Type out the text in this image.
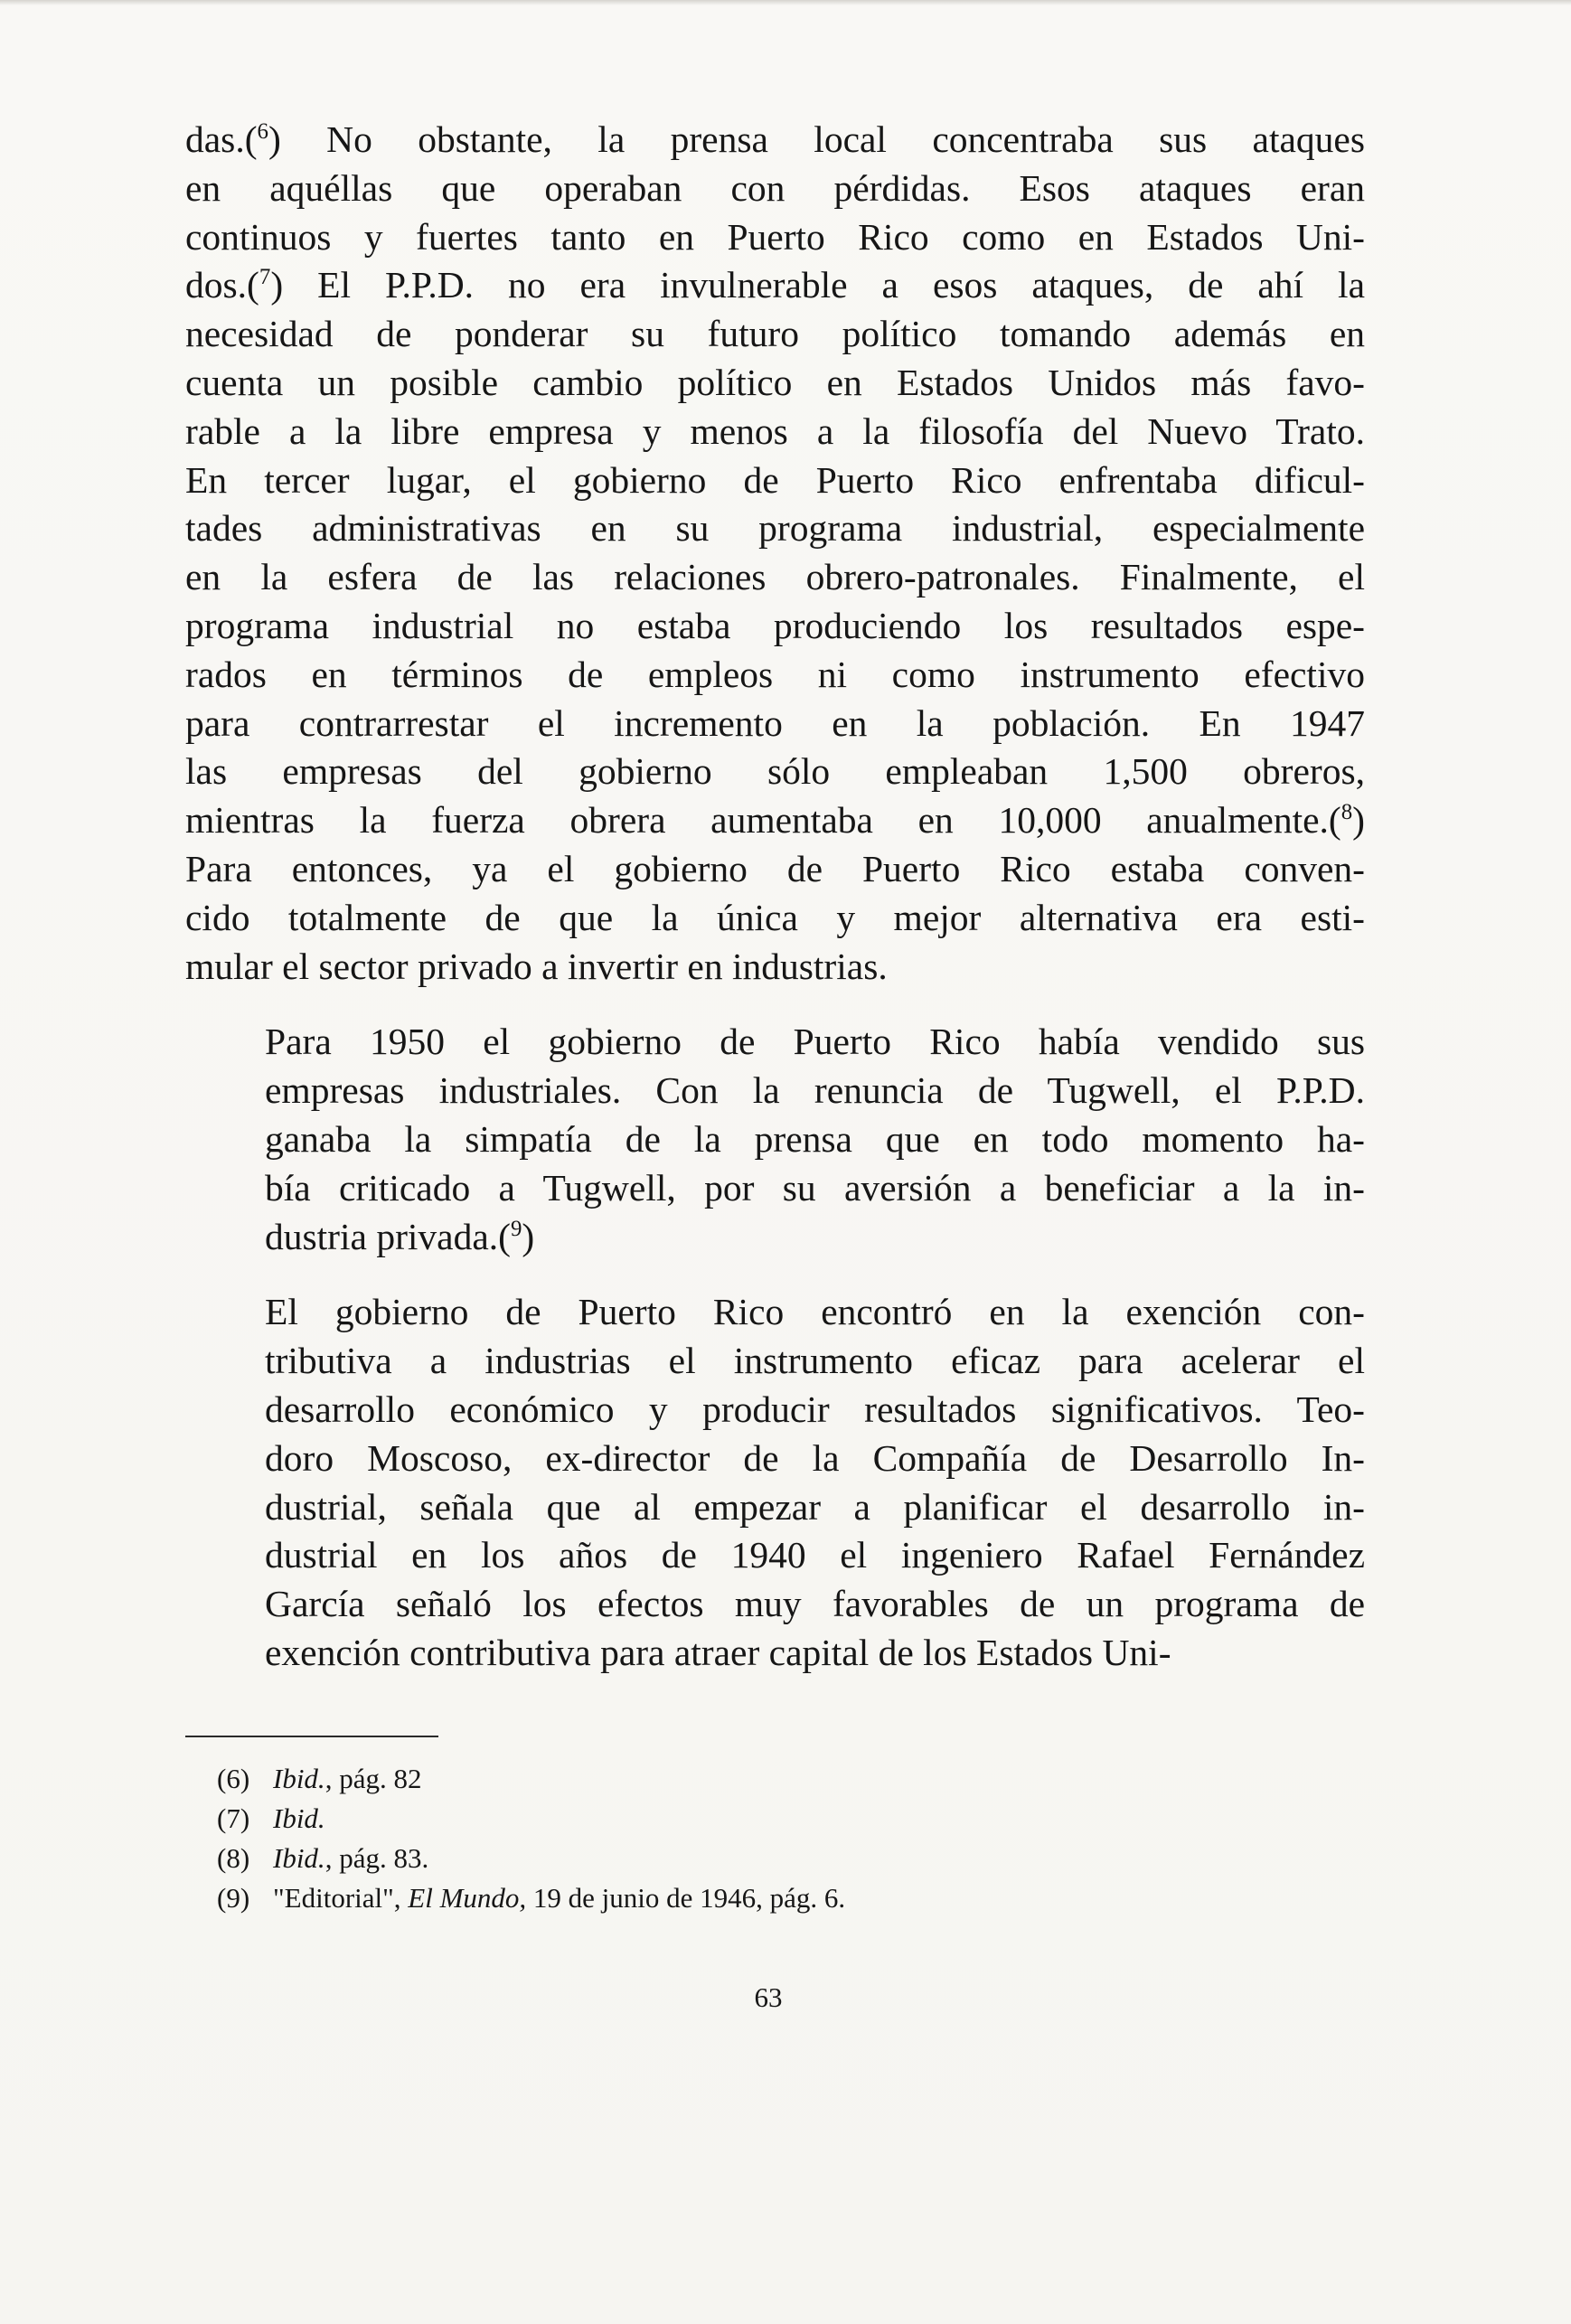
das.($^6$) No obstante, la prensa local concentraba sus ataques
en aquéllas que operaban con pérdidas. Esos ataques eran
continuos y fuertes tanto en Puerto Rico como en Estados Uni-
dos.($^7$) El P.P.D. no era invulnerable a esos ataques, de ahí la
necesidad de ponderar su futuro político tomando además en
cuenta un posible cambio político en Estados Unidos más favo-
rable a la libre empresa y menos a la filosofía del Nuevo Trato.
En tercer lugar, el gobierno de Puerto Rico enfrentaba dificul-
tades administrativas en su programa industrial, especialmente
en la esfera de las relaciones obrero-patronales. Finalmente, el
programa industrial no estaba produciendo los resultados espe-
rados en términos de empleos ni como instrumento efectivo
para contrarrestar el incremento en la población. En 1947
las empresas del gobierno sólo empleaban 1,500 obreros,
mientras la fuerza obrera aumentaba en 10,000 anualmente.($^8$)
Para entonces, ya el gobierno de Puerto Rico estaba conven-
cido totalmente de que la única y mejor alternativa era esti-
mular el sector privado a invertir en industrias.

Para 1950 el gobierno de Puerto Rico había vendido sus
empresas industriales. Con la renuncia de Tugwell, el P.P.D.
ganaba la simpatía de la prensa que en todo momento ha-
bía criticado a Tugwell, por su aversión a beneficiar a la in-
dustria privada.($^9$)

El gobierno de Puerto Rico encontró en la exención con-
tributiva a industrias el instrumento eficaz para acelerar el
desarrollo económico y producir resultados significativos. Teo-
doro Moscoso, ex-director de la Compañía de Desarrollo In-
dustrial, señala que al empezar a planificar el desarrollo in-
dustrial en los años de 1940 el ingeniero Rafael Fernández
García señaló los efectos muy favorables de un programa de
exención contributiva para atraer capital de los Estados Uni-

(6) Ibid., pág. 82

(7) Ibid.

(8) Ibid., pág. 83.

(9) "Editorial", El Mundo, 19 de junio de 1946, pág. 6.

63
